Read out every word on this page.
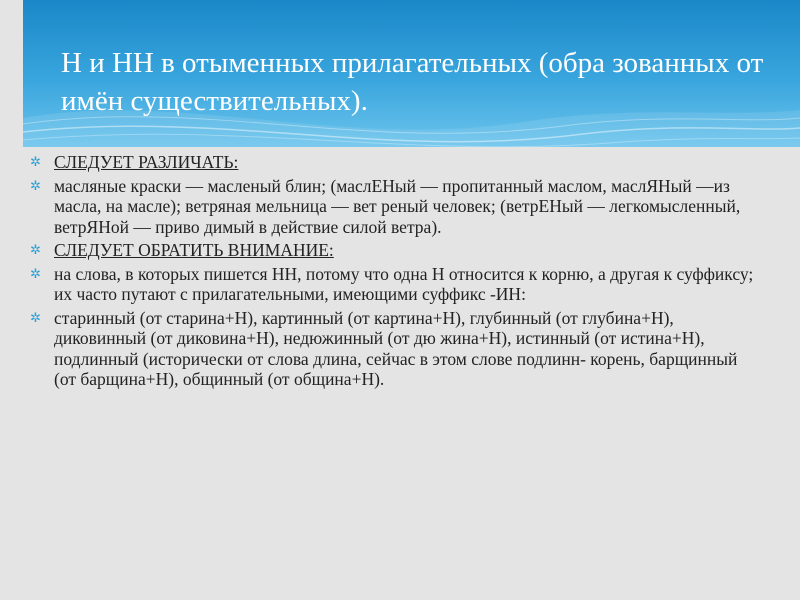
Н и НН в отыменных прилагательных (обра зованных от имён существительных).
✲ СЛЕДУЕТ РАЗЛИЧАТЬ:
✲ масляные краски — масленый блин; (маслЕНый — пропитанный маслом, маслЯНый —из масла, на масле); ветряная мельница — вет реный человек; (ветрЕНый — легкомысленный, ветрЯНой — приво димый в действие силой ветра).
✲ СЛЕДУЕТ ОБРАТИТЬ ВНИМАНИЕ:
✲ на слова, в которых пишется НН, потому что одна Н относится к корню, а другая к суффиксу; их часто путают с прилагательными, имеющими суффикс -ИН:
✲ старинный (от старина+Н), картинный (от картина+Н), глубинный (от глубина+Н), диковинный (от диковина+Н), недюжинный (от дю жина+Н), истинный (от истина+Н), подлинный (исторически от слова длина, сейчас в этом слове подлинн- корень, барщинный (от барщина+Н), общинный (от община+Н).
